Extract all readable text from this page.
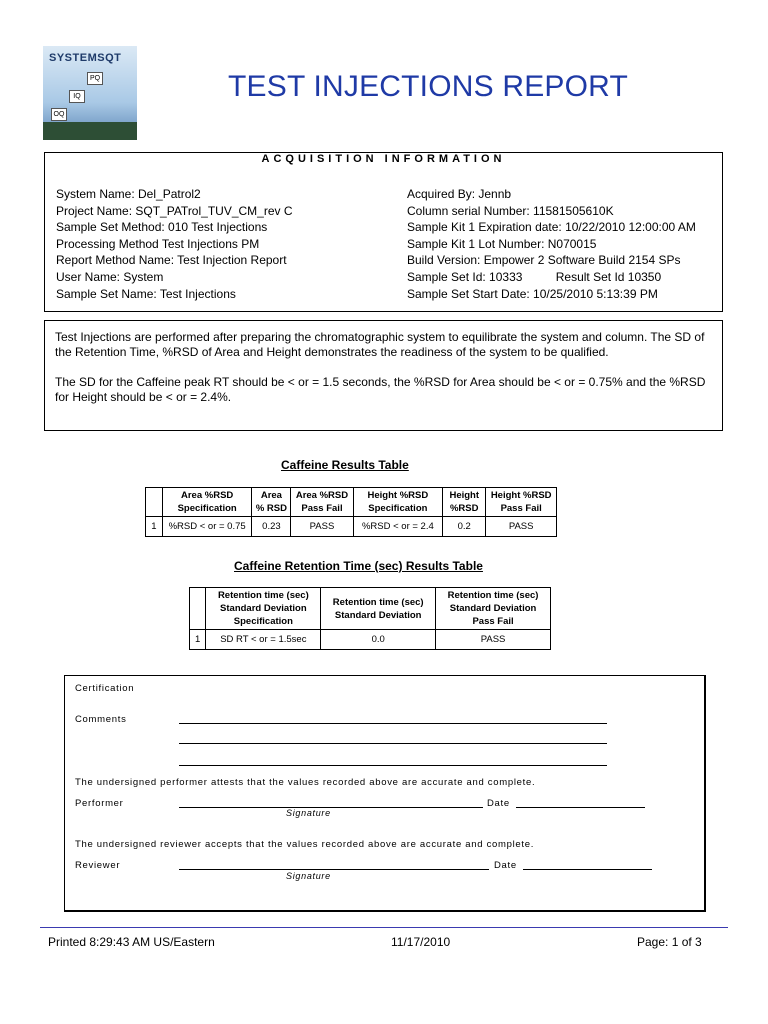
SYSTEMSQT
PQ
IQ
OQ
TEST INJECTIONS REPORT
ACQUISITION INFORMATION
System Name: Del_Patrol2
Project Name: SQT_PATrol_TUV_CM_rev C
Sample Set Method: 010 Test Injections
Processing Method Test Injections PM
Report Method Name: Test Injection Report
User Name: System
Sample Set Name: Test Injections
Acquired By: Jennb
Column serial Number: 11581505610K
Sample Kit 1 Expiration date: 10/22/2010 12:00:00 AM
Sample Kit 1 Lot Number: N070015
Build Version: Empower 2 Software Build 2154 SPs
Sample Set Id: 10333          Result Set Id 10350
Sample Set Start Date: 10/25/2010 5:13:39 PM

Test Injections are performed after preparing the chromatographic system to equilibrate the system and column. The SD of the Retention Time, %RSD of Area and Height demonstrates the readiness of the system to be qualified.

The SD for the Caffeine peak RT should be < or = 1.5 seconds, the %RSD for Area should be < or = 0.75% and the %RSD for Height should be < or = 2.4%.

Caffeine Results Table
	Area %RSD Specification	Area % RSD	Area %RSD Pass Fail	Height %RSD Specification	Height %RSD	Height %RSD Pass Fail
1	%RSD < or = 0.75	0.23	PASS	%RSD < or = 2.4	0.2	PASS
Caffeine Retention Time (sec) Results Table
	Retention time (sec) Standard Deviation Specification	Retention time (sec) Standard Deviation	Retention time (sec) Standard Deviation Pass Fail
1	SD RT < or = 1.5sec	0.0	PASS
Certification
Comments
The undersigned performer attests that the values recorded above are accurate and complete.
Performer	Date
Signature
The undersigned reviewer accepts that the values recorded above are accurate and complete.
Reviewer	Date
Signature
Printed 8:29:43 AM US/Eastern	11/17/2010	Page: 1 of 3
